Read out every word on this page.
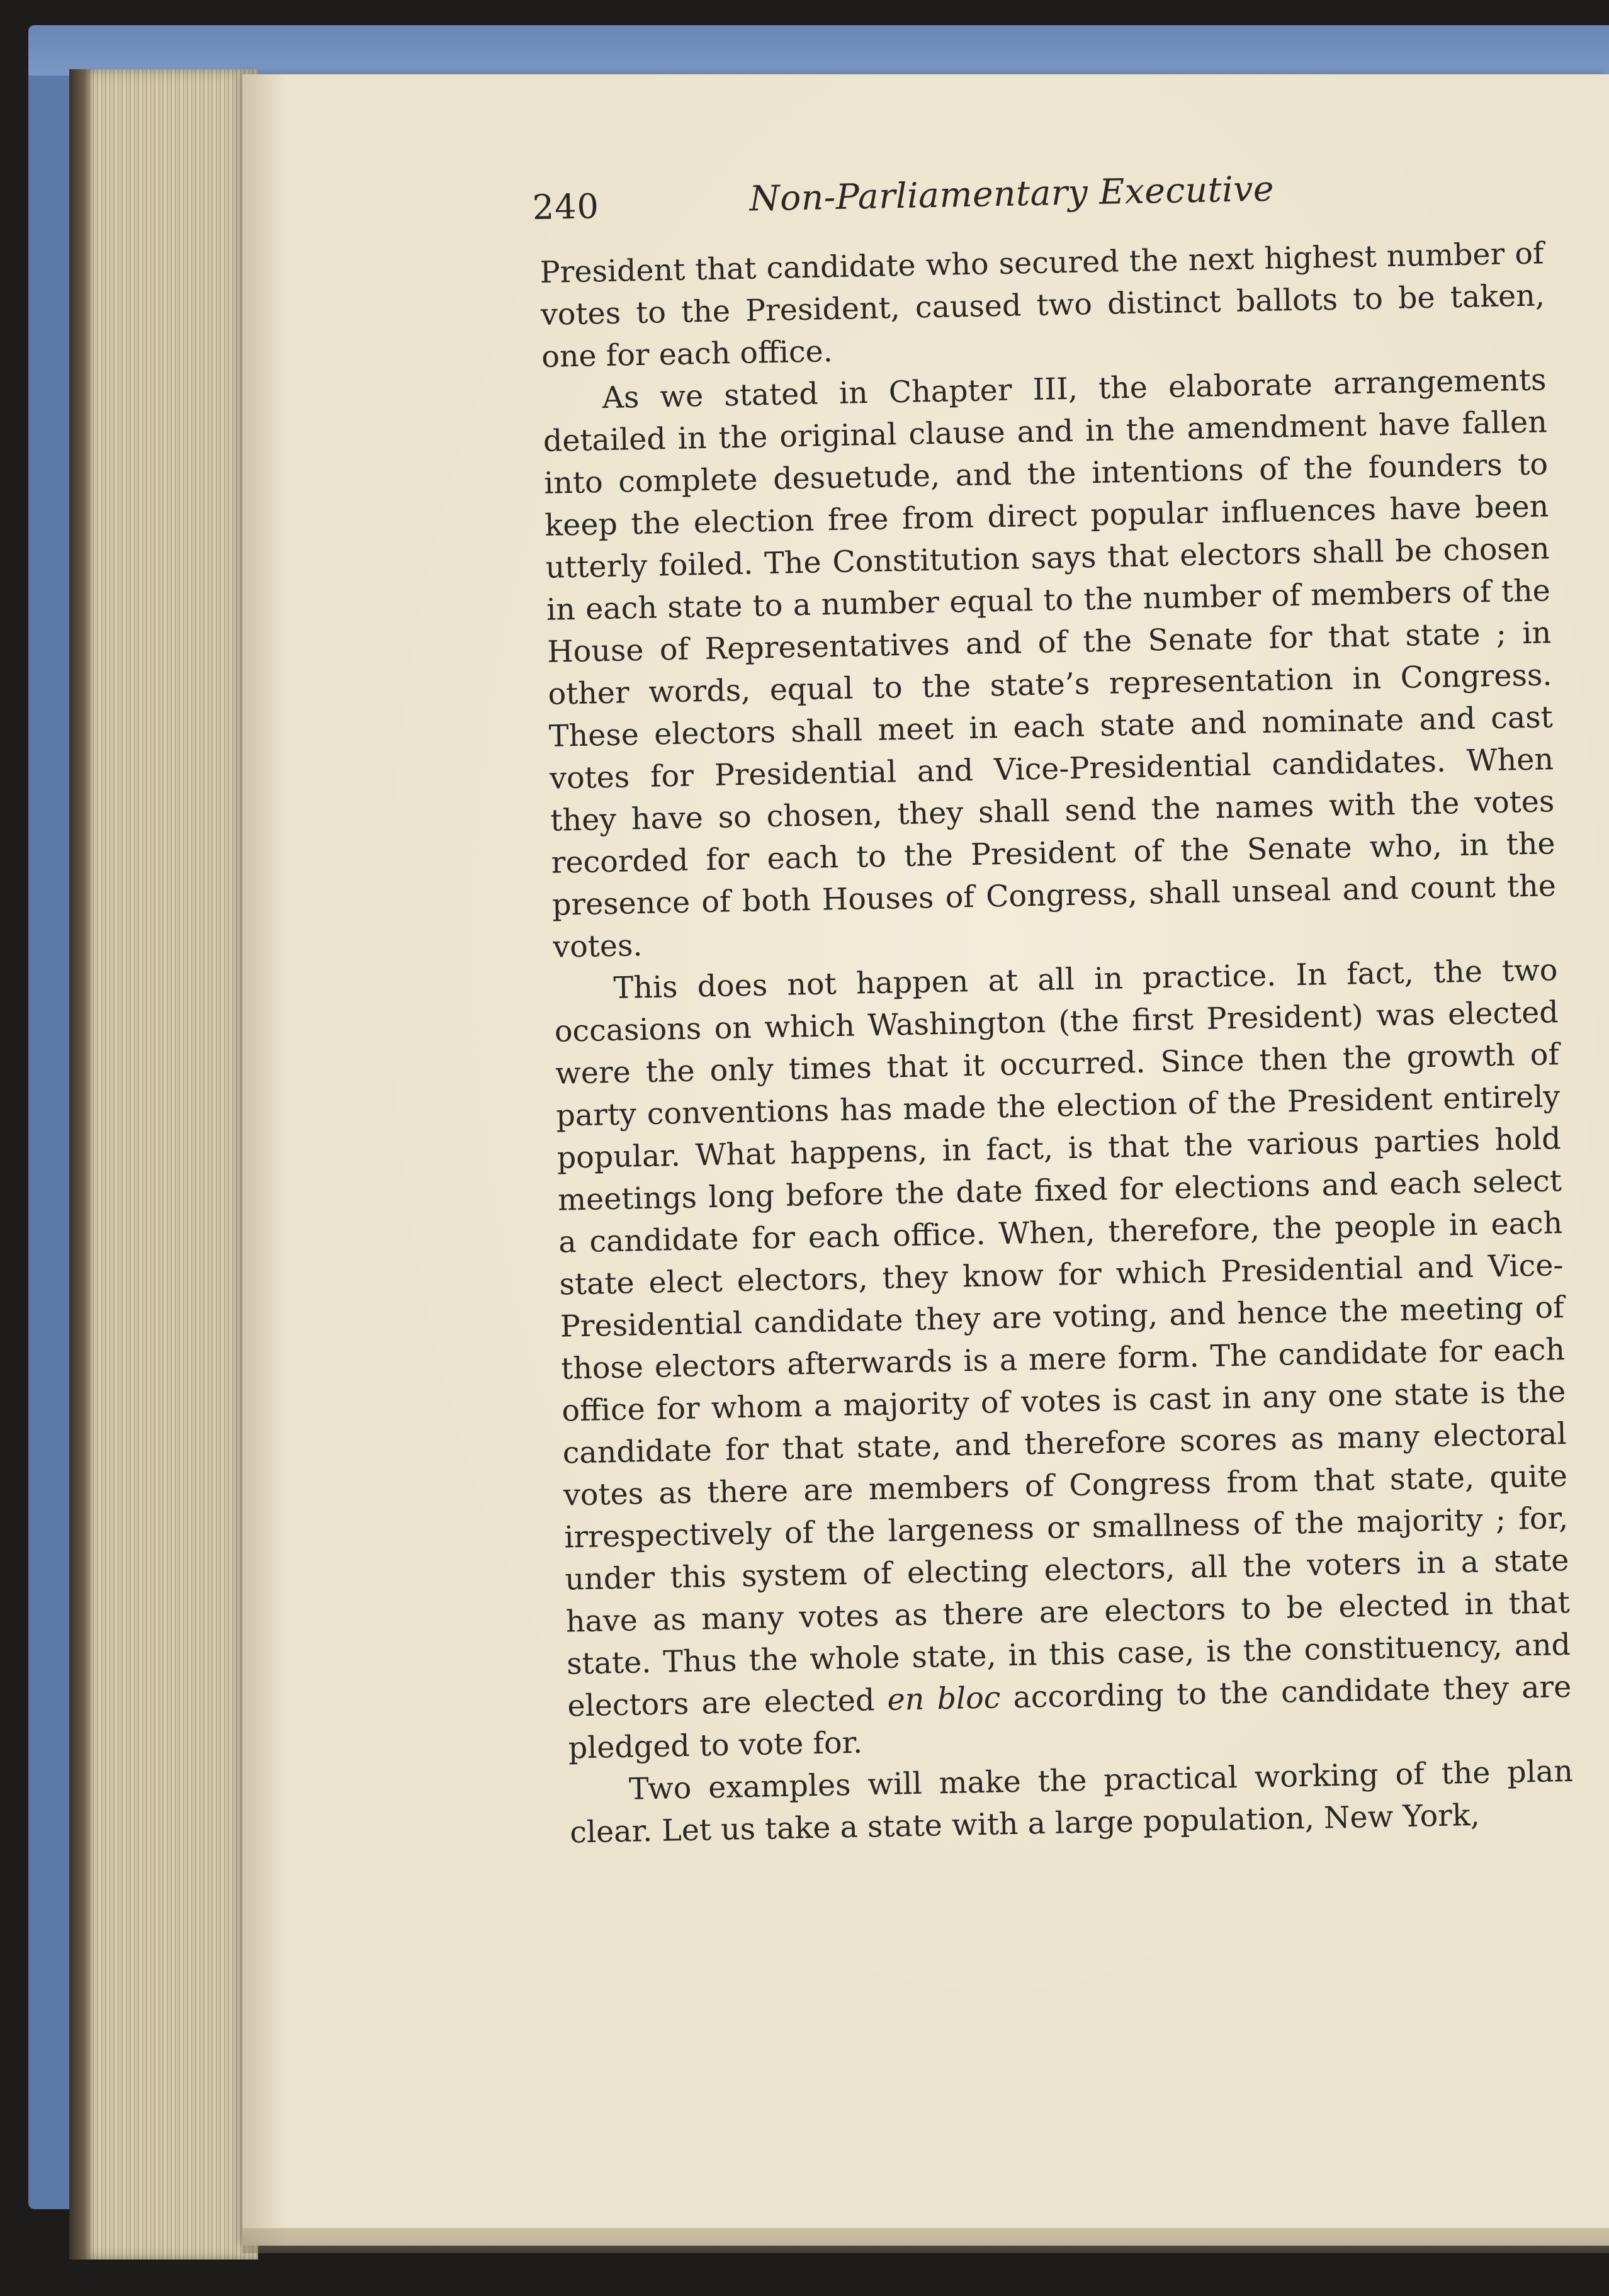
240	Non-Parliamentary Executive

President that candidate who secured the next highest number of votes to the President, caused two distinct ballots to be taken, one for each office.

As we stated in Chapter III, the elaborate arrangements detailed in the original clause and in the amendment have fallen into complete desuetude, and the intentions of the founders to keep the election free from direct popular influences have been utterly foiled. The Constitution says that electors shall be chosen in each state to a number equal to the number of members of the House of Representatives and of the Senate for that state ; in other words, equal to the state’s representation in Congress. These electors shall meet in each state and nominate and cast votes for Presidential and Vice-Presidential candidates. When they have so chosen, they shall send the names with the votes recorded for each to the President of the Senate who, in the presence of both Houses of Congress, shall unseal and count the votes.

This does not happen at all in practice. In fact, the two occasions on which Washington (the first President) was elected were the only times that it occurred. Since then the growth of party conventions has made the election of the President entirely popular. What happens, in fact, is that the various parties hold meetings long before the date fixed for elections and each select a candidate for each office. When, therefore, the people in each state elect electors, they know for which Presidential and Vice-Presidential candidate they are voting, and hence the meeting of those electors afterwards is a mere form. The candidate for each office for whom a majority of votes is cast in any one state is the candidate for that state, and therefore scores as many electoral votes as there are members of Congress from that state, quite irrespectively of the largeness or smallness of the majority ; for, under this system of electing electors, all the voters in a state have as many votes as there are electors to be elected in that state. Thus the whole state, in this case, is the constituency, and electors are elected en bloc according to the candidate they are pledged to vote for.

Two examples will make the practical working of the plan clear. Let us take a state with a large population, New York,
